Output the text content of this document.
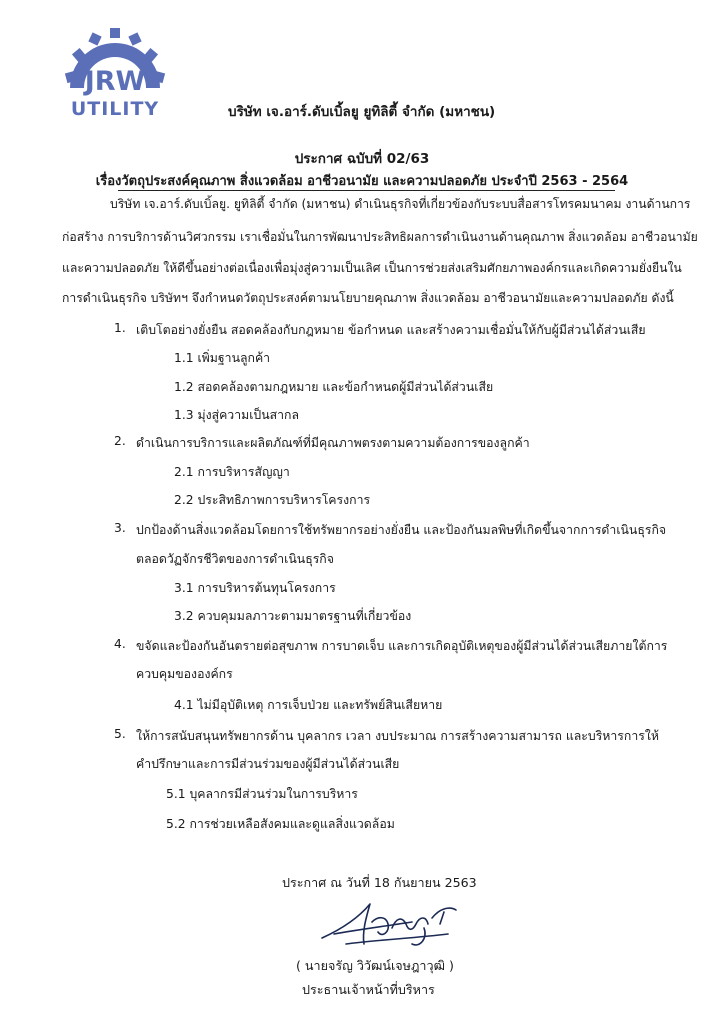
JRW
UTILITY	บริษัท เจ.อาร์.ดับเบิ้ลยู ยูทิลิตี้ จำกัด (มหาชน)
ประกาศ ฉบับที่ 02/63
เรื่องวัตถุประสงค์คุณภาพ สิ่งแวดล้อม อาชีวอนามัย และความปลอดภัย ประจำปี 2563 - 2564
บริษัท เจ.อาร์.ดับเบิ้ลยู. ยูทิลิตี้ จำกัด (มหาชน) ดำเนินธุรกิจที่เกี่ยวข้องกับระบบสื่อสารโทรคมนาคม งานด้านการ
ก่อสร้าง การบริการด้านวิศวกรรม เราเชื่อมั่นในการพัฒนาประสิทธิผลการดำเนินงานด้านคุณภาพ สิ่งแวดล้อม อาชีวอนามัย
และความปลอดภัย ให้ดีขึ้นอย่างต่อเนื่องเพื่อมุ่งสู่ความเป็นเลิศ เป็นการช่วยส่งเสริมศักยภาพองค์กรและเกิดความยั่งยืนใน
การดำเนินธุรกิจ บริษัทฯ จึงกำหนดวัตถุประสงค์ตามนโยบายคุณภาพ สิ่งแวดล้อม อาชีวอนามัยและความปลอดภัย ดังนี้
1. เติบโตอย่างยั่งยืน สอดคล้องกับกฎหมาย ข้อกำหนด และสร้างความเชื่อมั่นให้กับผู้มีส่วนได้ส่วนเสีย
1.1 เพิ่มฐานลูกค้า
1.2 สอดคล้องตามกฎหมาย และข้อกำหนดผู้มีส่วนได้ส่วนเสีย
1.3 มุ่งสู่ความเป็นสากล
2. ดำเนินการบริการและผลิตภัณฑ์ที่มีคุณภาพตรงตามความต้องการของลูกค้า
2.1 การบริหารสัญญา
2.2 ประสิทธิภาพการบริหารโครงการ
3. ปกป้องด้านสิ่งแวดล้อมโดยการใช้ทรัพยากรอย่างยั่งยืน และป้องกันมลพิษที่เกิดขึ้นจากการดำเนินธุรกิจ
ตลอดวัฏจักรชีวิตของการดำเนินธุรกิจ
3.1 การบริหารต้นทุนโครงการ
3.2 ควบคุมมลภาวะตามมาตรฐานที่เกี่ยวข้อง
4. ขจัดและป้องกันอันตรายต่อสุขภาพ การบาดเจ็บ และการเกิดอุบัติเหตุของผู้มีส่วนได้ส่วนเสียภายใต้การ
ควบคุมขององค์กร
4.1 ไม่มีอุบัติเหตุ การเจ็บป่วย และทรัพย์สินเสียหาย
5. ให้การสนับสนุนทรัพยากรด้าน บุคลากร เวลา งบประมาณ การสร้างความสามารถ และบริหารการให้
คำปรึกษาและการมีส่วนร่วมของผู้มีส่วนได้ส่วนเสีย
5.1 บุคลากรมีส่วนร่วมในการบริหาร
5.2 การช่วยเหลือสังคมและดูแลสิ่งแวดล้อม
ประกาศ ณ วันที่ 18 กันยายน 2563
( นายจรัญ วิวัฒน์เจษฎาวุฒิ )
ประธานเจ้าหน้าที่บริหาร
